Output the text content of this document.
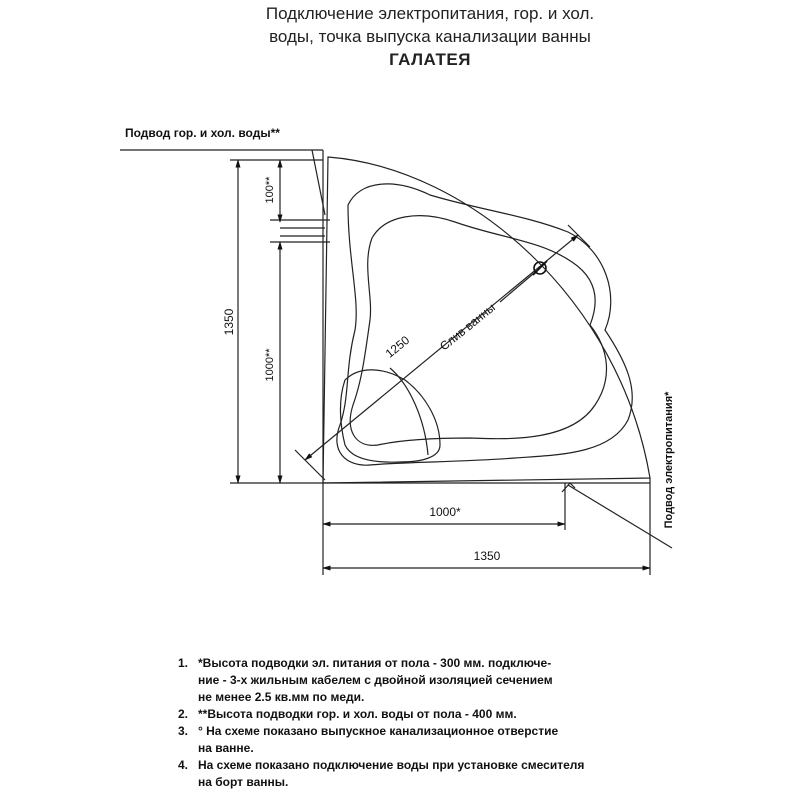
Подключение электропитания, гор. и хол.
воды, точка выпуска канализации ванны
ГАЛАТЕЯ
Подвод гор. и хол. воды**
1350
100**
1000**
1000*
1350
1250 Слив ванны
Подвод электропитания*
1. *Высота подводки эл. питания от пола - 300 мм. подключе-
ние - 3-х жильным кабелем с двойной изоляцией сечением
не менее 2.5 кв.мм по меди.
2. **Высота подводки гор. и хол. воды от пола - 400 мм.
3. ° На схеме показано выпускное канализационное отверстие
на ванне.
4. На схеме показано подключение воды при установке смесителя
на борт ванны.
